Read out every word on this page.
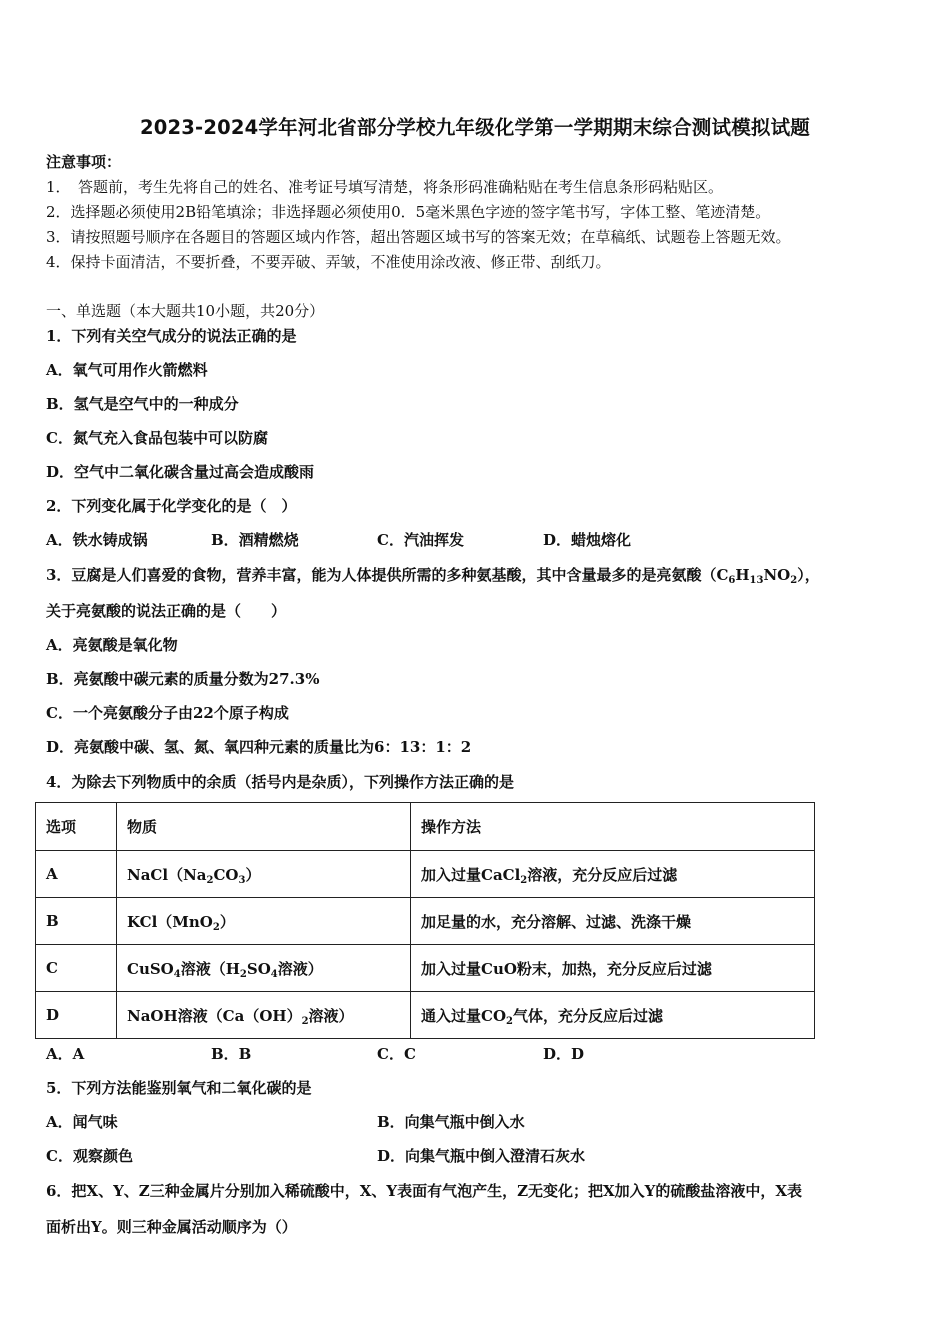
2023-2024学年河北省部分学校九年级化学第一学期期末综合测试模拟试题
注意事项：
1．　答题前，考生先将自己的姓名、准考证号填写清楚，将条形码准确粘贴在考生信息条形码粘贴区。
2．选择题必须使用2B铅笔填涂；非选择题必须使用0．5毫米黑色字迹的签字笔书写，字体工整、笔迹清楚。
3．请按照题号顺序在各题目的答题区域内作答，超出答题区域书写的答案无效；在草稿纸、试题卷上答题无效。
4．保持卡面清洁，不要折叠，不要弄破、弄皱，不准使用涂改液、修正带、刮纸刀。
一、单选题（本大题共10小题，共20分）
1．下列有关空气成分的说法正确的是
A．氧气可用作火箭燃料
B．氢气是空气中的一种成分
C．氮气充入食品包装中可以防腐
D．空气中二氧化碳含量过高会造成酸雨
2．下列变化属于化学变化的是（　）
A．铁水铸成锅	B．酒精燃烧	C．汽油挥发	D．蜡烛熔化
3．豆腐是人们喜爱的食物，营养丰富，能为人体提供所需的多种氨基酸，其中含量最多的是亮氨酸$(C_6H_{13}NO_2)$，
关于亮氨酸的说法正确的是（　　）
A．亮氨酸是氧化物
B．亮氨酸中碳元素的质量分数为27.3%
C．一个亮氨酸分子由22个原子构成
D．亮氨酸中碳、氢、氮、氧四种元素的质量比为6：13：1：2
4．为除去下列物质中的余质（括号内是杂质），下列操作方法正确的是
选项	物质	操作方法
A	$NaCl(Na_2CO_3)$	加入过量CaCl$_2$溶液，充分反应后过滤
B	KCl（MnO$_2$）	加足量的水，充分溶解、过滤、洗涤干燥
C	CuSO$_4$溶液（$H_2SO_4$溶液）	加入过量CuO粉末，加热，充分反应后过滤
D	NaOH溶液（$Ca(OH)_2$溶液）	通入过量$CO_2$气体，充分反应后过滤
A．A	B．B	C．C	D．D
5．下列方法能鉴别氧气和二氧化碳的是
A．闻气味	B．向集气瓶中倒入水
C．观察颜色	D．向集气瓶中倒入澄清石灰水
6．把X、Y、Z三种金属片分别加入稀硫酸中，X、Y表面有气泡产生，Z无变化；把X加入Y的硫酸盐溶液中，X表
面析出Y。则三种金属活动顺序为（）
